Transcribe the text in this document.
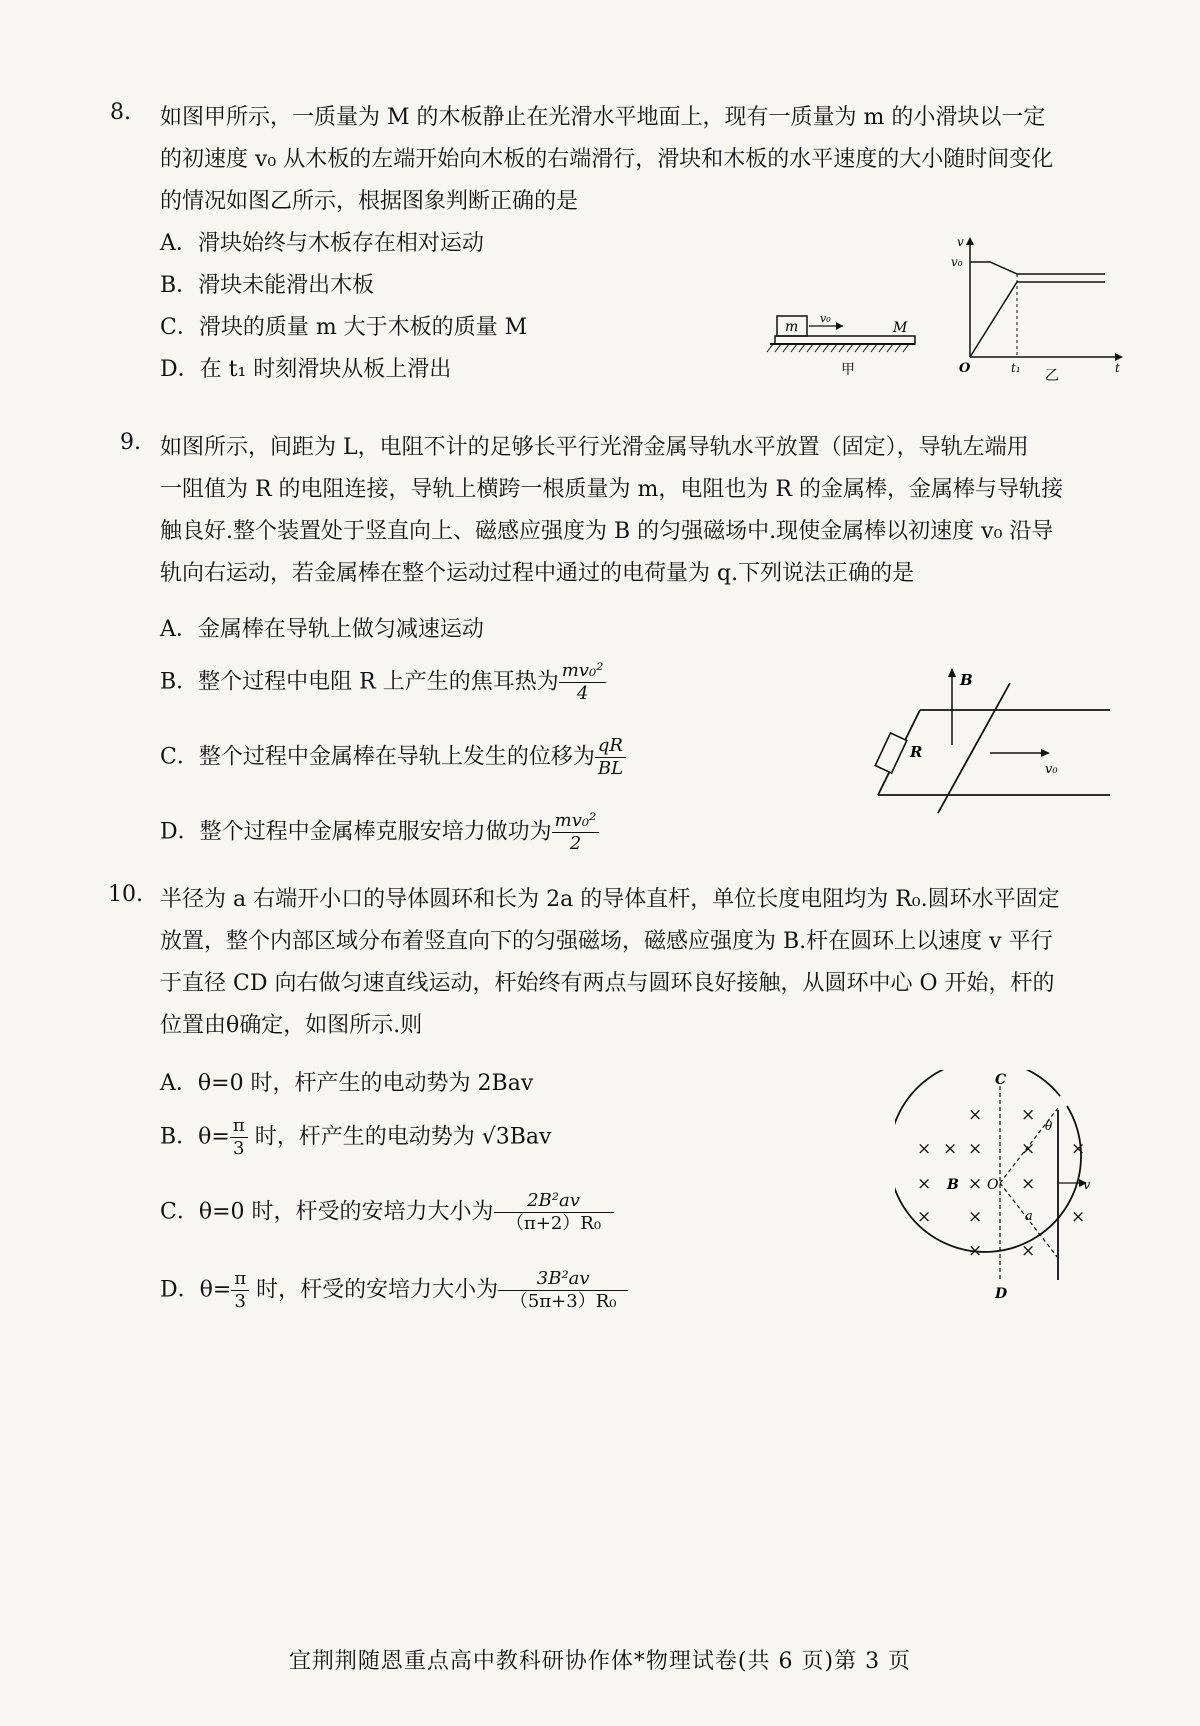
8. 如图甲所示，一质量为 M 的木板静止在光滑水平地面上，现有一质量为 m 的小滑块以一定
的初速度 v₀ 从木板的左端开始向木板的右端滑行，滑块和木板的水平速度的大小随时间变化
的情况如图乙所示，根据图象判断正确的是
A．滑块始终与木板存在相对运动
B．滑块未能滑出木板
C．滑块的质量 m 大于木板的质量 M
D．在 t₁ 时刻滑块从板上滑出
m
v₀
M
甲
v
v₀
O	t₁	t
乙
9. 如图所示，间距为 L，电阻不计的足够长平行光滑金属导轨水平放置（固定），导轨左端用
一阻值为 R 的电阻连接，导轨上横跨一根质量为 m，电阻也为 R 的金属棒，金属棒与导轨接
触良好.整个装置处于竖直向上、磁感应强度为 B 的匀强磁场中.现使金属棒以初速度 v₀ 沿导
轨向右运动，若金属棒在整个运动过程中通过的电荷量为 q.下列说法正确的是
A．金属棒在导轨上做匀减速运动
B．整个过程中电阻 R 上产生的焦耳热为 $\frac{\text{mv₀²}}{4}$
C．整个过程中金属棒在导轨上发生的位移为 $\frac{qR}{BL}$
D．整个过程中金属棒克服安培力做功为 $\frac{\text{mv₀²}}{2}$
R
B
v₀
10. 半径为 a 右端开小口的导体圆环和长为 2a 的导体直杆，单位长度电阻均为 R₀.圆环水平固定
放置，整个内部区域分布着竖直向下的匀强磁场，磁感应强度为 B.杆在圆环上以速度 v 平行
于直径 CD 向右做匀速直线运动，杆始终有两点与圆环良好接触，从圆环中心 O 开始，杆的
位置由θ确定，如图所示.则
A．θ=0 时，杆产生的电动势为 2Bav
B．$\theta= \frac{\pi}{3}$ 时，杆产生的电动势为 √3Bav
C．θ=0 时，杆受的安培力大小为 $\frac{\text{2B²av}}{\text{（π+2）R₀}}$
D．$\theta= \frac{\pi}{3}$ 时，杆受的安培力大小为 $\frac{\text{3B²av}}{\text{（5π+3）R₀}}$
C
D
O
B	v
θ
a
× ×
× × × × ×
× × ×
× ×	×
× ×
宜荆荆随恩重点高中教科研协作体*物理试卷(共 6 页)第 3 页
